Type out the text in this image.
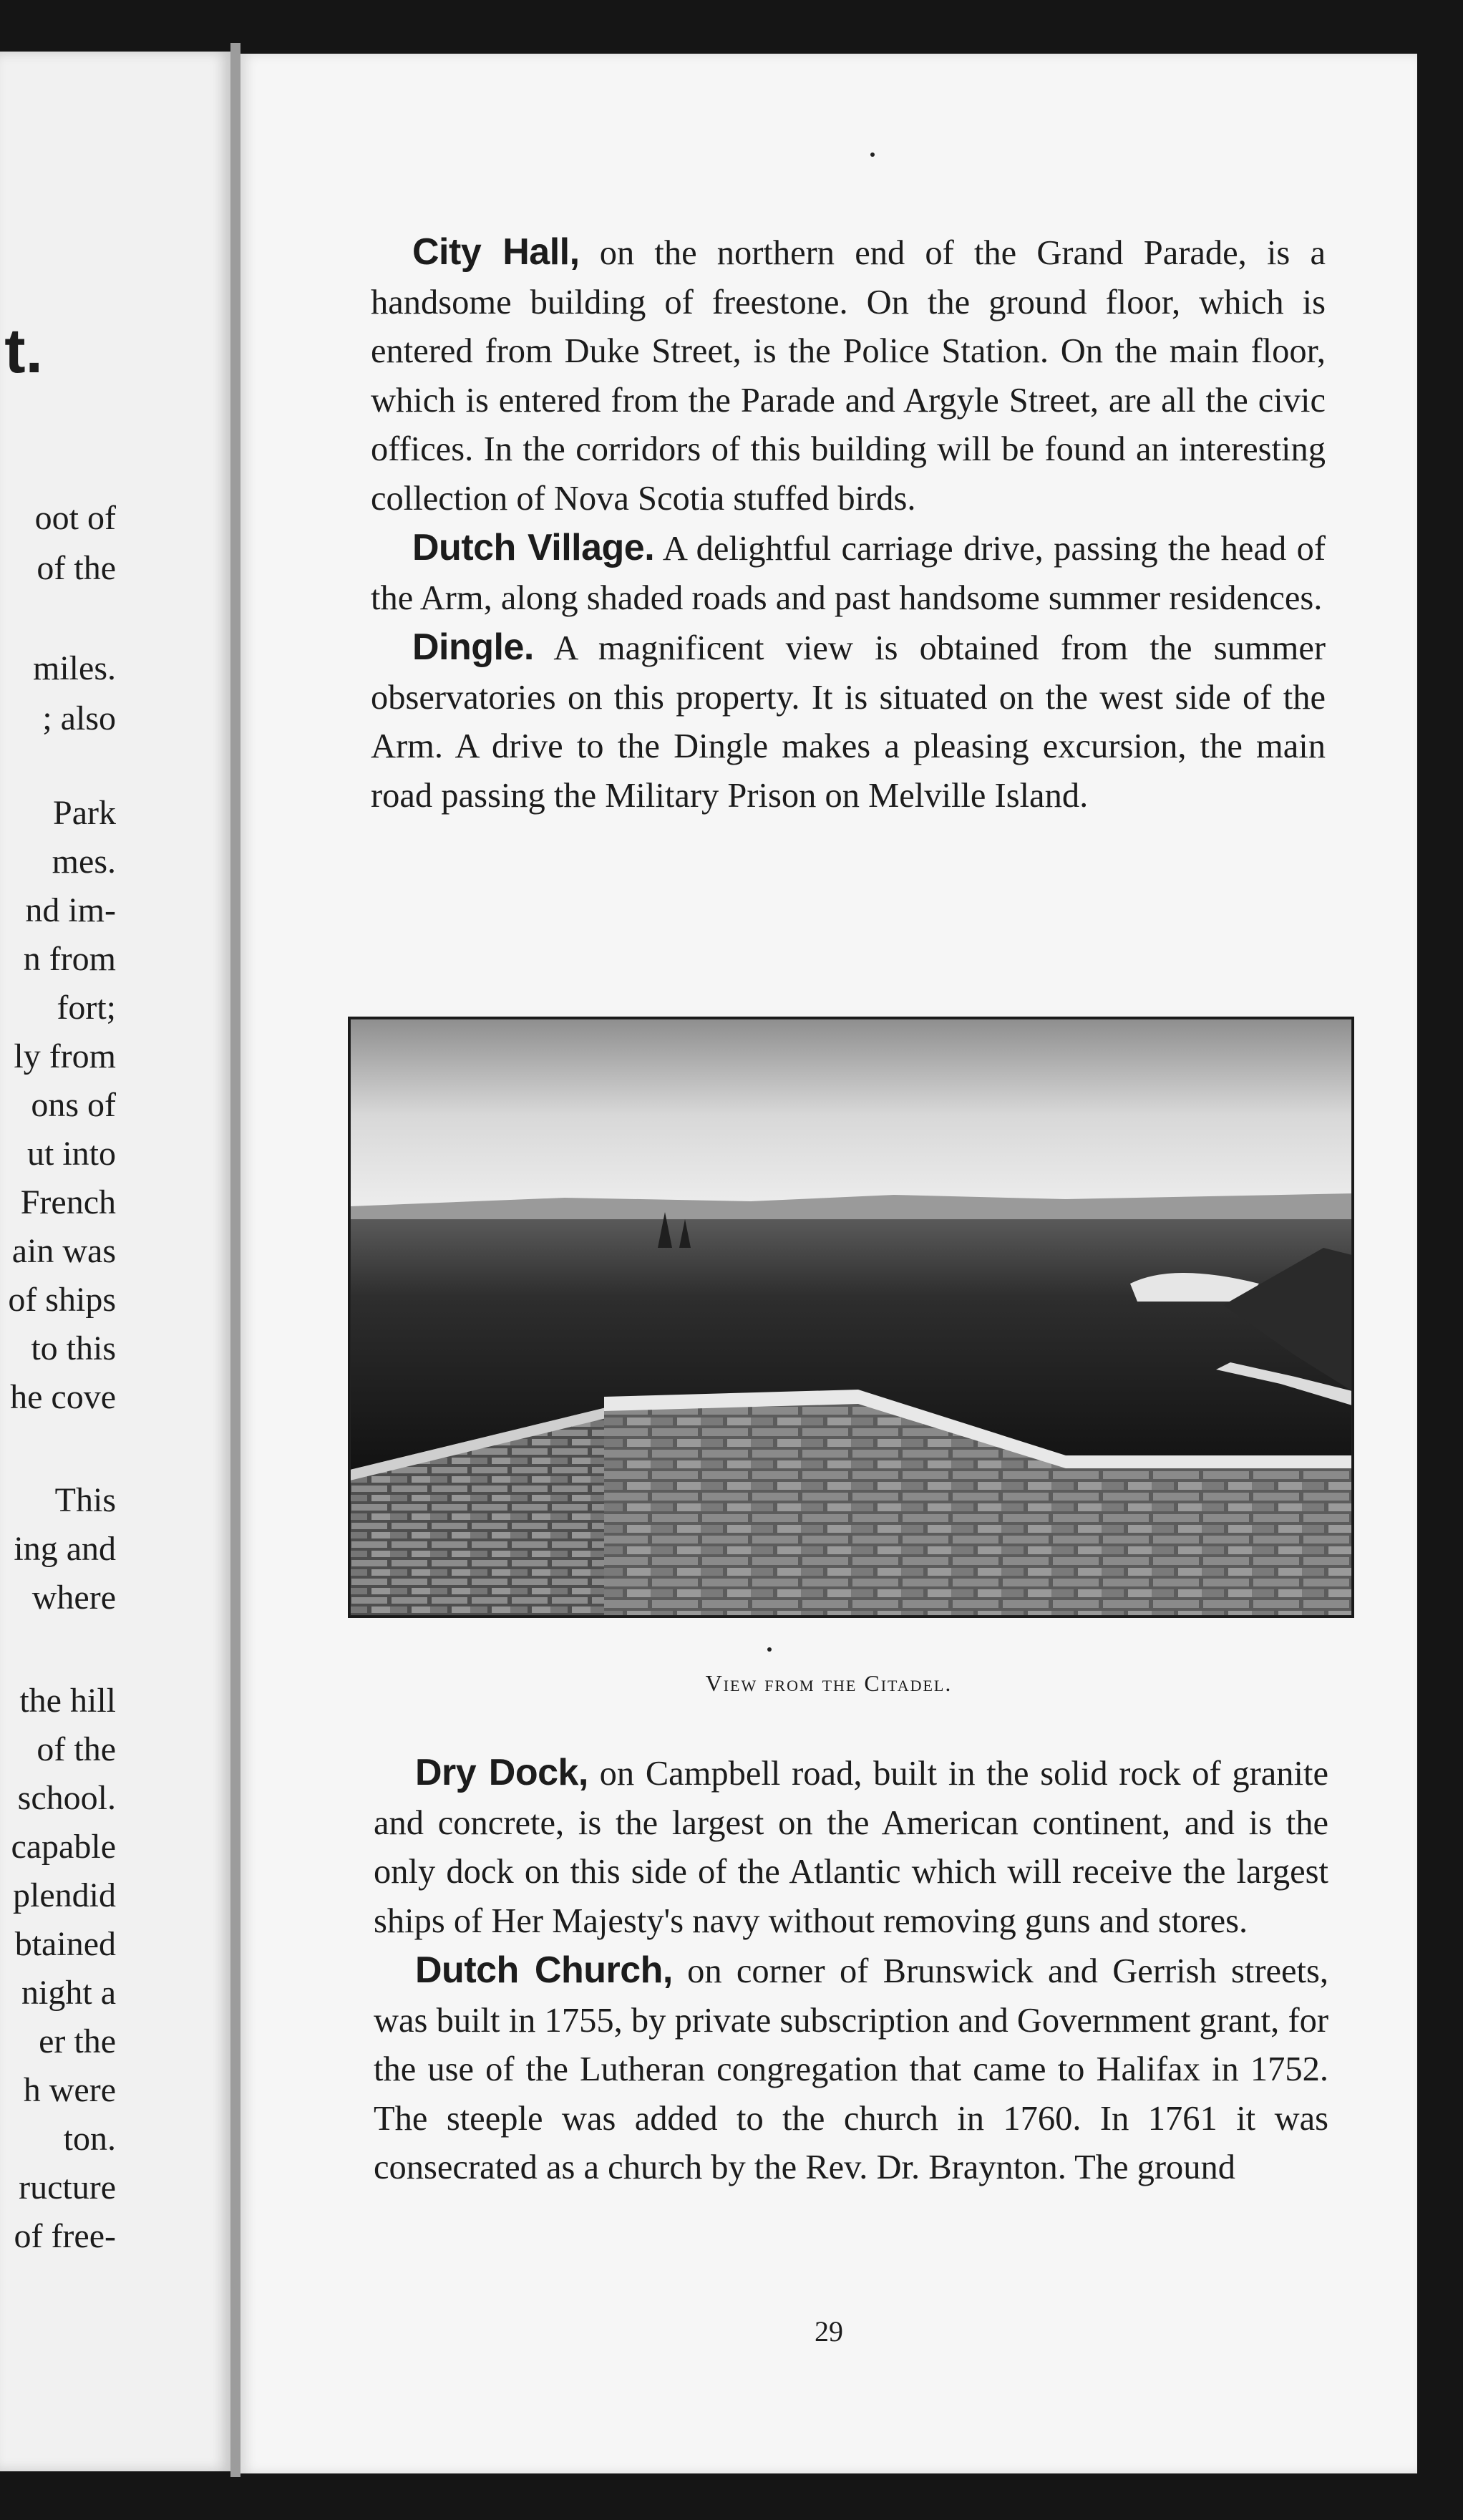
t.
oot of
of the
miles.
; also
Park
mes.
nd im-
n from
fort;
ly from
ons of
ut into
French
ain was
of ships
to this
he cove
This
ing and
where
the hill
of the
school.
capable
plendid
btained
night a
er the
h were
ton.
ructure
of free-

City Hall, on the northern end of the Grand Parade, is a handsome building of freestone. On the ground floor, which is entered from Duke Street, is the Police Station. On the main floor, which is entered from the Parade and Argyle Street, are all the civic offices. In the corridors of this building will be found an interesting collection of Nova Scotia stuffed birds.

Dutch Village. A delightful carriage drive, passing the head of the Arm, along shaded roads and past handsome summer residences.

Dingle. A magnificent view is obtained from the summer observatories on this property. It is situated on the west side of the Arm. A drive to the Dingle makes a pleasing excursion, the main road passing the Military Prison on Melville Island.

View from the Citadel.

Dry Dock, on Campbell road, built in the solid rock of granite and concrete, is the largest on the American continent, and is the only dock on this side of the Atlantic which will receive the largest ships of Her Majesty's navy without removing guns and stores.

Dutch Church, on corner of Brunswick and Gerrish streets, was built in 1755, by private subscription and Government grant, for the use of the Lutheran congregation that came to Halifax in 1752. The steeple was added to the church in 1760. In 1761 it was consecrated as a church by the Rev. Dr. Braynton. The ground

29
